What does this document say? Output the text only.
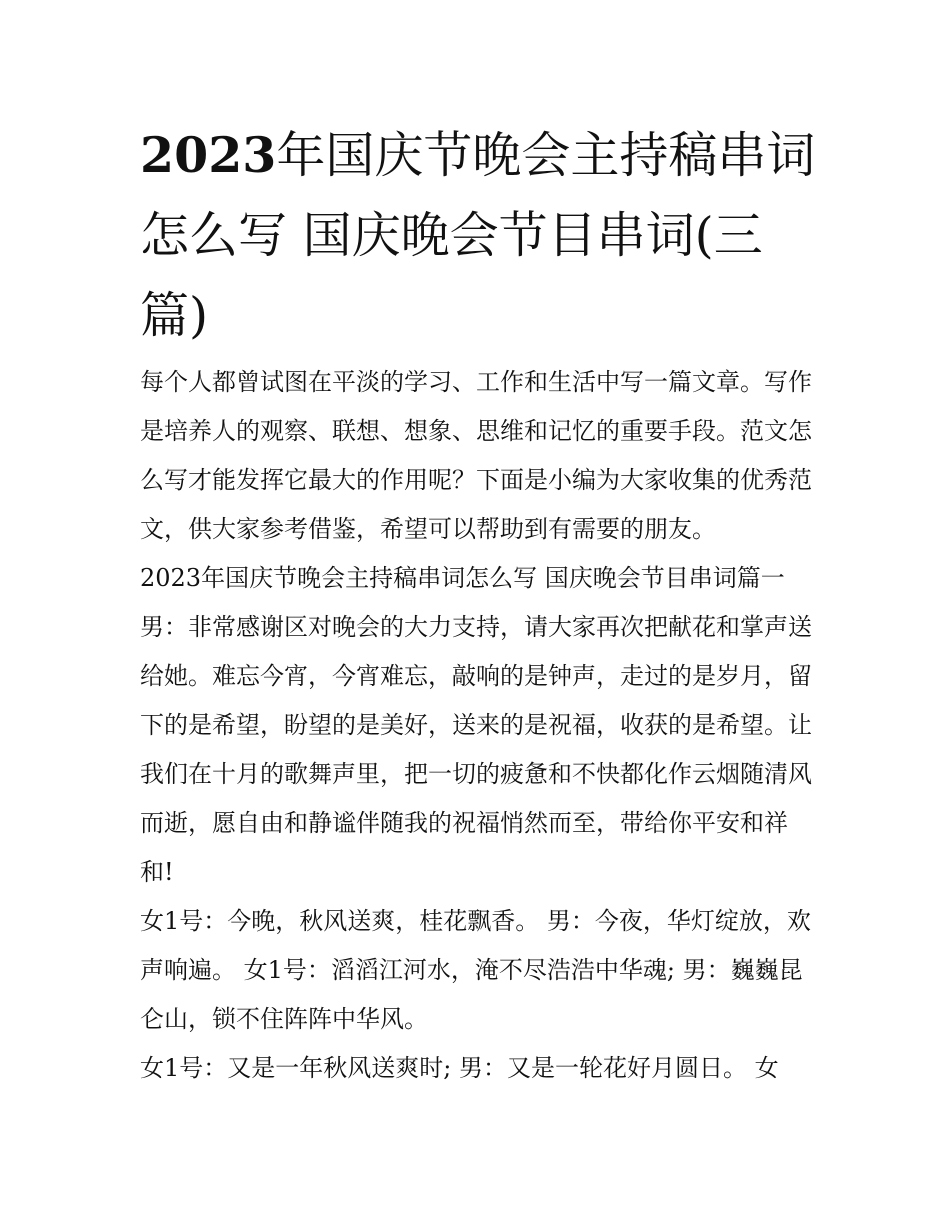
2023年国庆节晚会主持稿串词怎么写 国庆晚会节目串词(三篇)

每个人都曾试图在平淡的学习、工作和生活中写一篇文章。写作是培养人的观察、联想、想象、思维和记忆的重要手段。范文怎么写才能发挥它最大的作用呢？下面是小编为大家收集的优秀范文，供大家参考借鉴，希望可以帮助到有需要的朋友。

2023年国庆节晚会主持稿串词怎么写 国庆晚会节目串词篇一

男：非常感谢区对晚会的大力支持，请大家再次把献花和掌声送给她。难忘今宵，今宵难忘，敲响的是钟声，走过的是岁月，留下的是希望，盼望的是美好，送来的是祝福，收获的是希望。让我们在十月的歌舞声里，把一切的疲惫和不快都化作云烟随清风而逝，愿自由和静谧伴随我的祝福悄然而至，带给你平安和祥和!

女1号：今晚，秋风送爽，桂花飘香。 男：今夜，华灯绽放，欢声响遍。 女1号：滔滔江河水，淹不尽浩浩中华魂; 男：巍巍昆仑山，锁不住阵阵中华风。

女1号：又是一年秋风送爽时; 男：又是一轮花好月圆日。 女
